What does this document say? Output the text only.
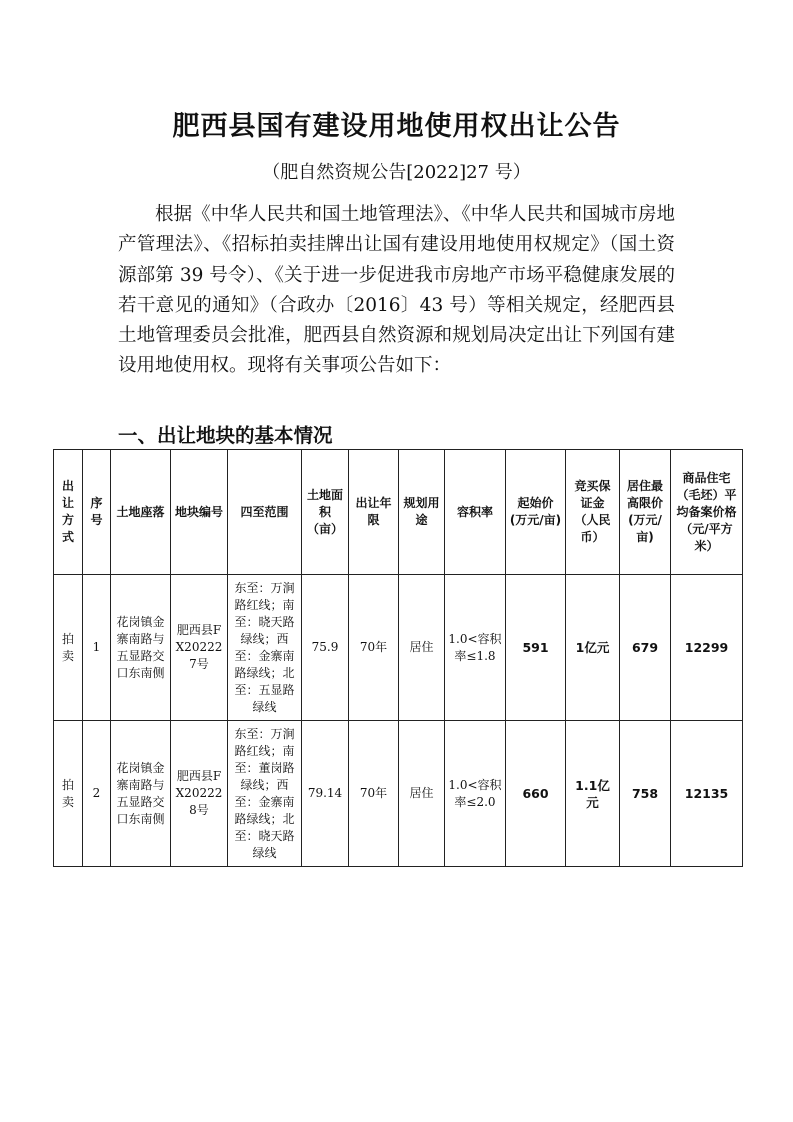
肥西县国有建设用地使用权出让公告
（肥自然资规公告[2022]27 号）
根据《中华人民共和国土地管理法》、《中华人民共和国城市房地产管理法》、《招标拍卖挂牌出让国有建设用地使用权规定》（国土资源部第 39 号令）、《关于进一步促进我市房地产市场平稳健康发展的若干意见的通知》（合政办〔2016〕43 号）等相关规定，经肥西县土地管理委员会批准，肥西县自然资源和规划局决定出让下列国有建设用地使用权。现将有关事项公告如下：
一、出让地块的基本情况
出让方式	序号	土地座落	地块编号	四至范围	土地面积（亩）	出让年限	规划用途	容积率	起始价(万元/亩)	竞买保证金（人民币）	居住最高限价(万元/亩)	商品住宅（毛坯）平均备案价格（元/平方米）
拍卖	1	花岗镇金寨南路与五显路交口东南侧	肥西县FX202227号	东至：万涧路红线；南至：晓天路绿线；西至：金寨南路绿线；北至：五显路绿线	75.9	70年	居住	1.0<容积率≤1.8	591	1亿元	679	12299
拍卖	2	花岗镇金寨南路与五显路交口东南侧	肥西县FX202228号	东至：万涧路红线；南至：董岗路绿线；西至：金寨南路绿线；北至：晓天路绿线	79.14	70年	居住	1.0<容积率≤2.0	660	1.1亿元	758	12135
